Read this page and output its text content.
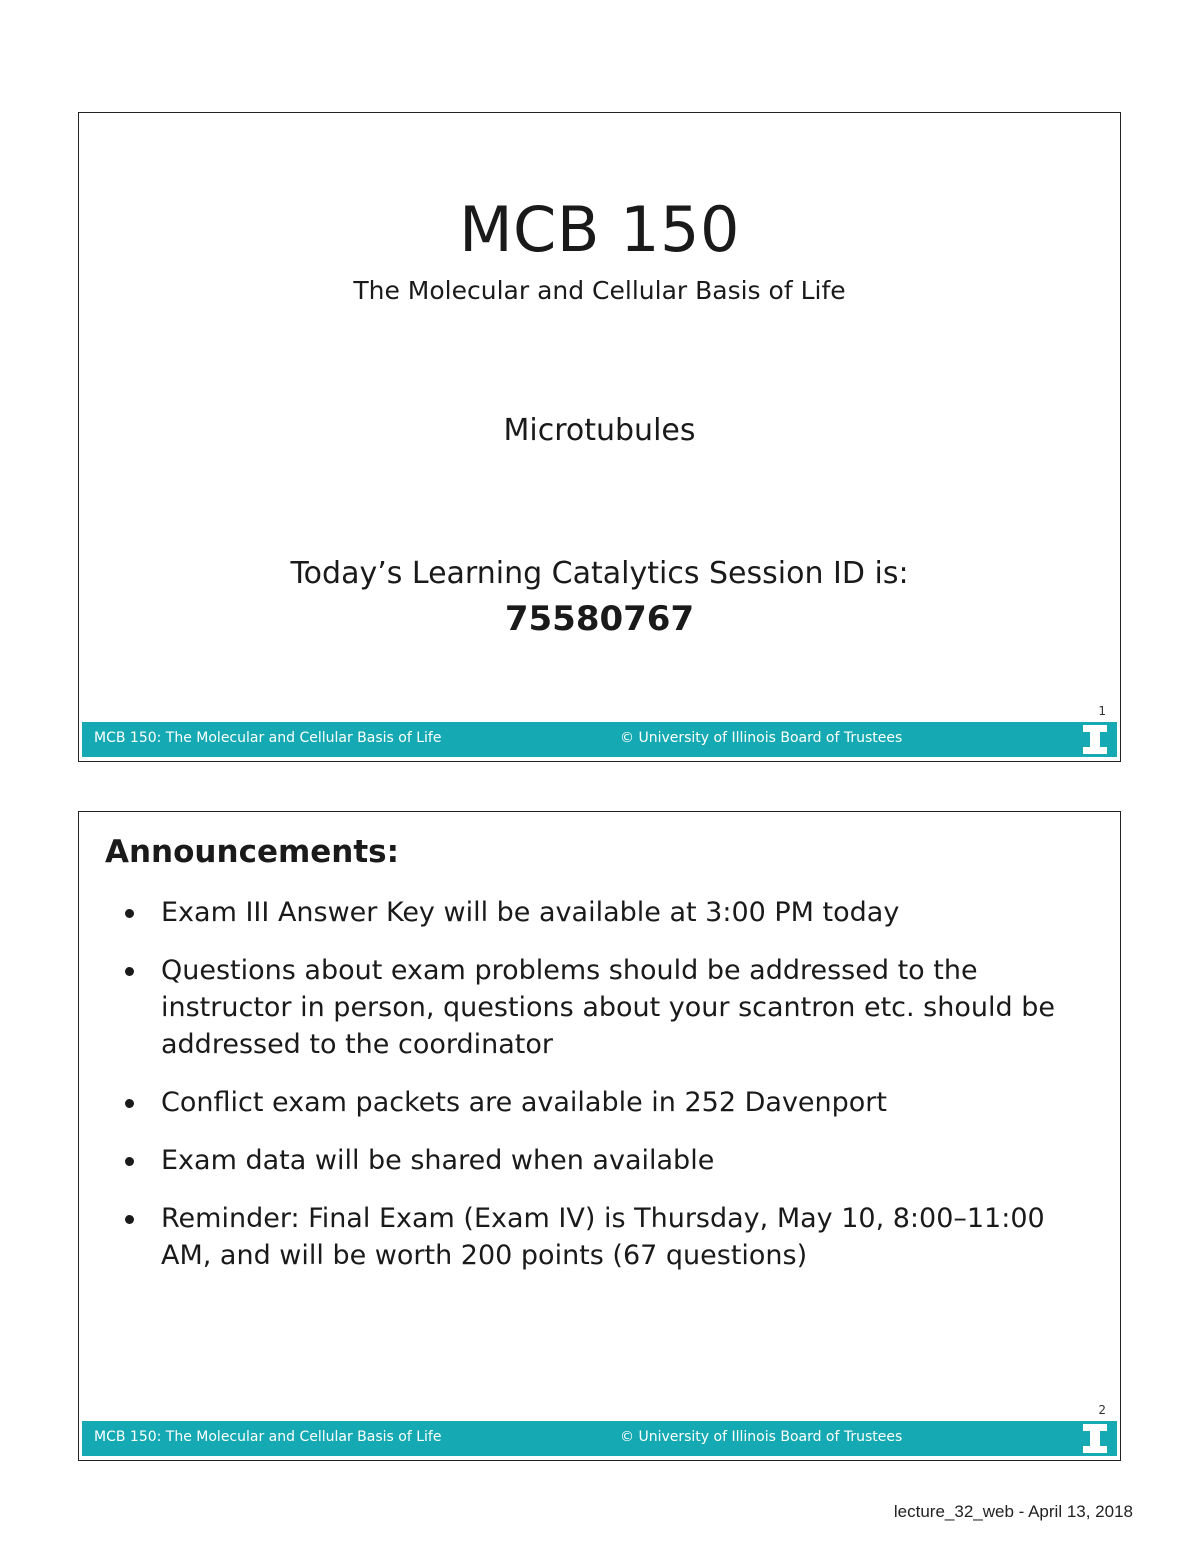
MCB 150

The Molecular and Cellular Basis of Life

Microtubules

Today’s Learning Catalytics Session ID is:

75580767

1
MCB 150: The Molecular and Cellular Basis of Life	© University of Illinois Board of Trustees
Announcements:
Exam III Answer Key will be available at 3:00 PM today
Questions about exam problems should be addressed to the instructor in person, questions about your scantron etc. should be addressed to the coordinator
Conflict exam packets are available in 252 Davenport
Exam data will be shared when available
Reminder: Final Exam (Exam IV) is Thursday, May 10, 8:00–11:00 AM, and will be worth 200 points (67 questions)
2
MCB 150: The Molecular and Cellular Basis of Life	© University of Illinois Board of Trustees
lecture_32_web - April 13, 2018
